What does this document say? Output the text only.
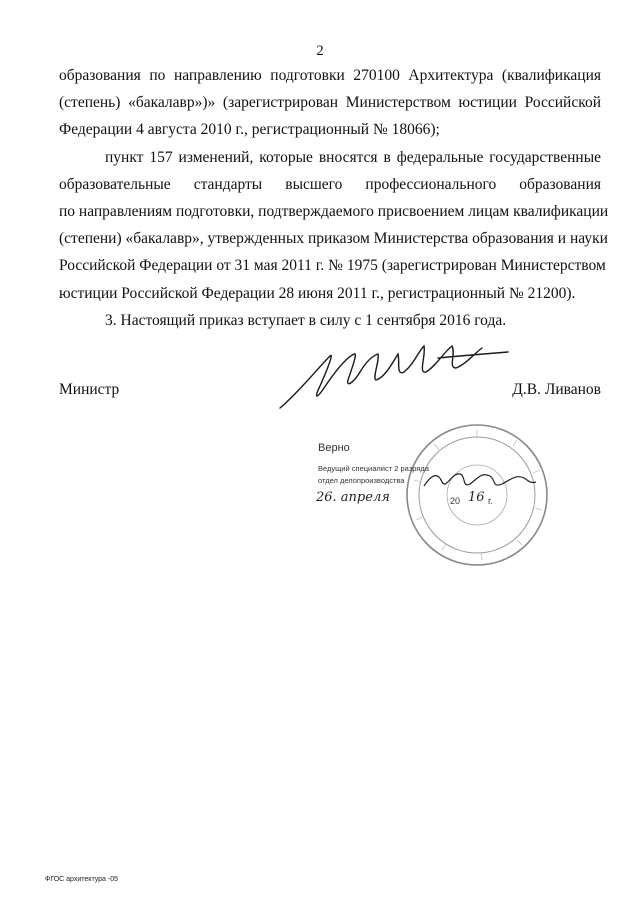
2

образования по направлению подготовки 270100 Архитектура (квалификация
(степень) «бакалавр»)» (зарегистрирован Министерством юстиции Российской
Федерации 4 августа 2010 г., регистрационный № 18066);

пункт 157 изменений, которые вносятся в федеральные государственные
образовательные стандарты высшего профессионального образования
по направлениям подготовки, подтверждаемого присвоением лицам квалификации
(степени) «бакалавр», утвержденных приказом Министерства образования и науки
Российской Федерации от 31 мая 2011 г. № 1975 (зарегистрирован Министерством
юстиции Российской Федерации 28 июня 2011 г., регистрационный № 21200).

3. Настоящий приказ вступает в силу с 1 сентября 2016 года.

Министр	Д.В. Ливанов
Верно
Ведущий специалист 2 разряда
отдел делопроизводства
26. апреля	20 16 г.
ФГОС архитектура -05
